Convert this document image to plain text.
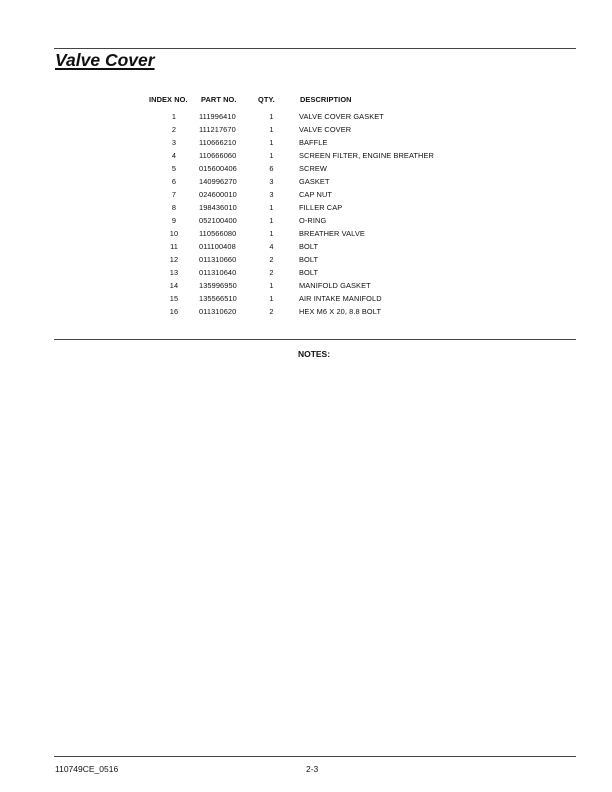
Valve Cover
INDEX NO.	PART NO.	QTY.	DESCRIPTION
1	111996410	1	VALVE COVER GASKET
2	111217670	1	VALVE COVER
3	110666210	1	BAFFLE
4	110666060	1	SCREEN FILTER, ENGINE BREATHER
5	015600406	6	SCREW
6	140996270	3	GASKET
7	024600010	3	CAP NUT
8	198436010	1	FILLER CAP
9	052100400	1	O-RING
10	110566080	1	BREATHER VALVE
11	011100408	4	BOLT
12	011310660	2	BOLT
13	011310640	2	BOLT
14	135996950	1	MANIFOLD GASKET
15	135566510	1	AIR INTAKE MANIFOLD
16	011310620	2	HEX M6 X 20, 8.8 BOLT
NOTES:
110749CE_0516	2-3
